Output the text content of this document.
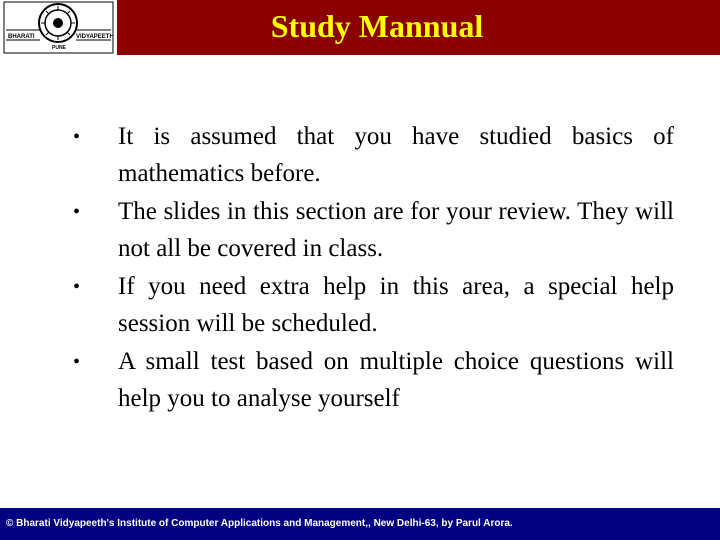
BHARATI	VIDYAPEETH
PUNE
Study Mannual
• It is assumed that you have studied basics of mathematics before.
• The slides in this section are for your review. They will not all be covered in class.
• If you need extra help in this area, a special help session will be scheduled.
• A small test based on multiple choice questions will help you to analyse yourself
© Bharati Vidyapeeth's Institute of Computer Applications and Management,, New Delhi-63, by Parul Arora.
